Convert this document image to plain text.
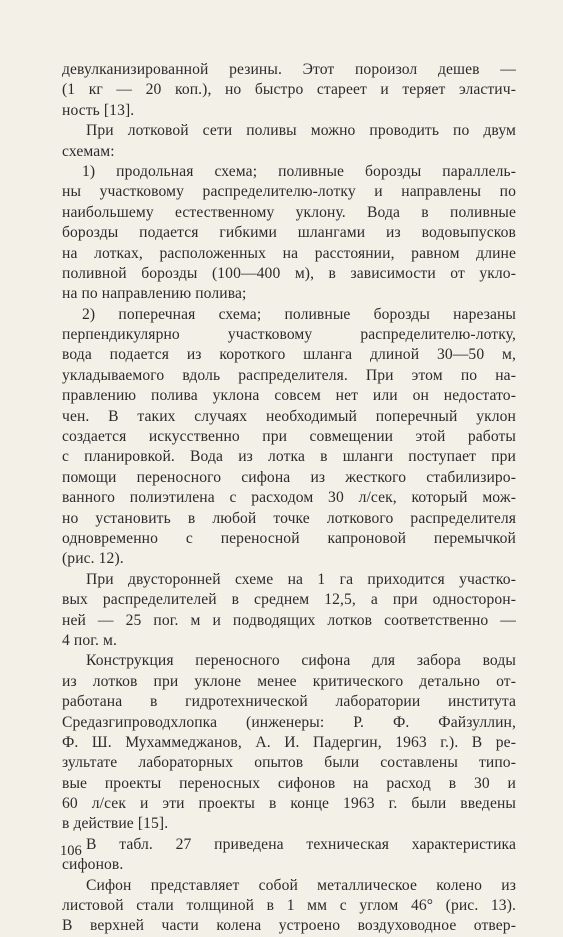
девулканизированной резины. Этот пороизол дешев —
(1 кг — 20 коп.), но быстро стареет и теряет эластич-
ность [13].
При лотковой сети поливы можно проводить по двум
схемам:
1) продольная схема; поливные борозды параллель-
ны участковому распределителю-лотку и направлены по
наибольшему естественному уклону. Вода в поливные
борозды подается гибкими шлангами из водовыпусков
на лотках, расположенных на расстоянии, равном длине
поливной борозды (100—400 м), в зависимости от укло-
на по направлению полива;
2) поперечная схема; поливные борозды нарезаны
перпендикулярно участковому распределителю-лотку,
вода подается из короткого шланга длиной 30—50 м,
укладываемого вдоль распределителя. При этом по на-
правлению полива уклона совсем нет или он недостато-
чен. В таких случаях необходимый поперечный уклон
создается искусственно при совмещении этой работы
с планировкой. Вода из лотка в шланги поступает при
помощи переносного сифона из жесткого стабилизиро-
ванного полиэтилена с расходом 30 л/сек, который мож-
но установить в любой точке лоткового распределителя
одновременно с переносной капроновой перемычкой
(рис. 12).
При двусторонней схеме на 1 га приходится участко-
вых распределителей в среднем 12,5, а при односторон-
ней — 25 пог. м и подводящих лотков соответственно —
4 пог. м.
Конструкция переносного сифона для забора воды
из лотков при уклоне менее критического детально от-
работана в гидротехнической лаборатории института
Средазгипроводхлопка (инженеры: Р. Ф. Файзуллин,
Ф. Ш. Мухаммеджанов, А. И. Падергин, 1963 г.). В ре-
зультате лабораторных опытов были составлены типо-
вые проекты переносных сифонов на расход в 30 и
60 л/сек и эти проекты в конце 1963 г. были введены
в действие [15].
В табл. 27 приведена техническая характеристика
сифонов.
Сифон представляет собой металлическое колено из
листовой стали толщиной в 1 мм с углом 46° (рис. 13).
В верхней части колена устроено воздуховодное отвер-
106
